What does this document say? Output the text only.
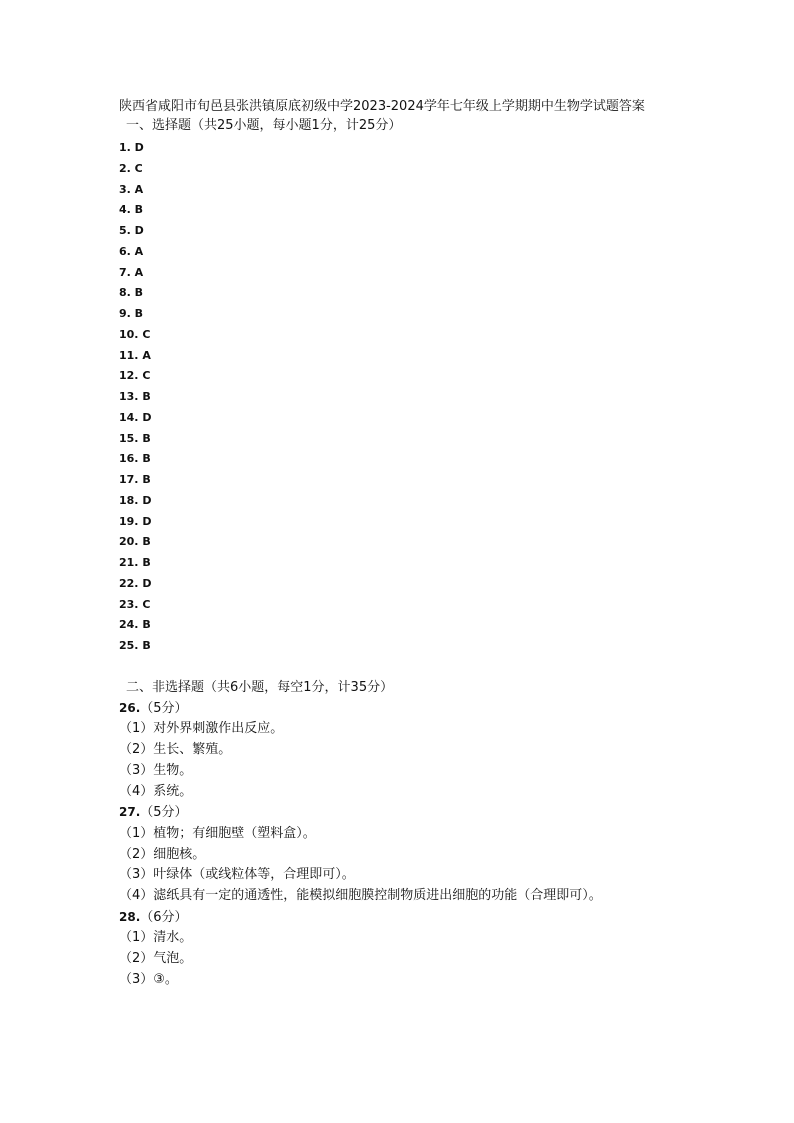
陕西省咸阳市旬邑县张洪镇原底初级中学2023-2024学年七年级上学期期中生物学试题答案
一、选择题（共25小题，每小题1分，计25分）
1. D
2. C
3. A
4. B
5. D
6. A
7. A
8. B
9. B
10. C
11. A
12. C
13. B
14. D
15. B
16. B
17. B
18. D
19. D
20. B
21. B
22. D
23. C
24. B
25. B
二、非选择题（共6小题，每空1分，计35分）
26.（5分）
（1）对外界刺激作出反应。
（2）生长、繁殖。
（3）生物。
（4）系统。
27.（5分）
（1）植物；有细胞壁（塑料盒）。
（2）细胞核。
（3）叶绿体（或线粒体等，合理即可）。
（4）滤纸具有一定的通透性，能模拟细胞膜控制物质进出细胞的功能（合理即可）。
28.（6分）
（1）清水。
（2）气泡。
（3）③。
